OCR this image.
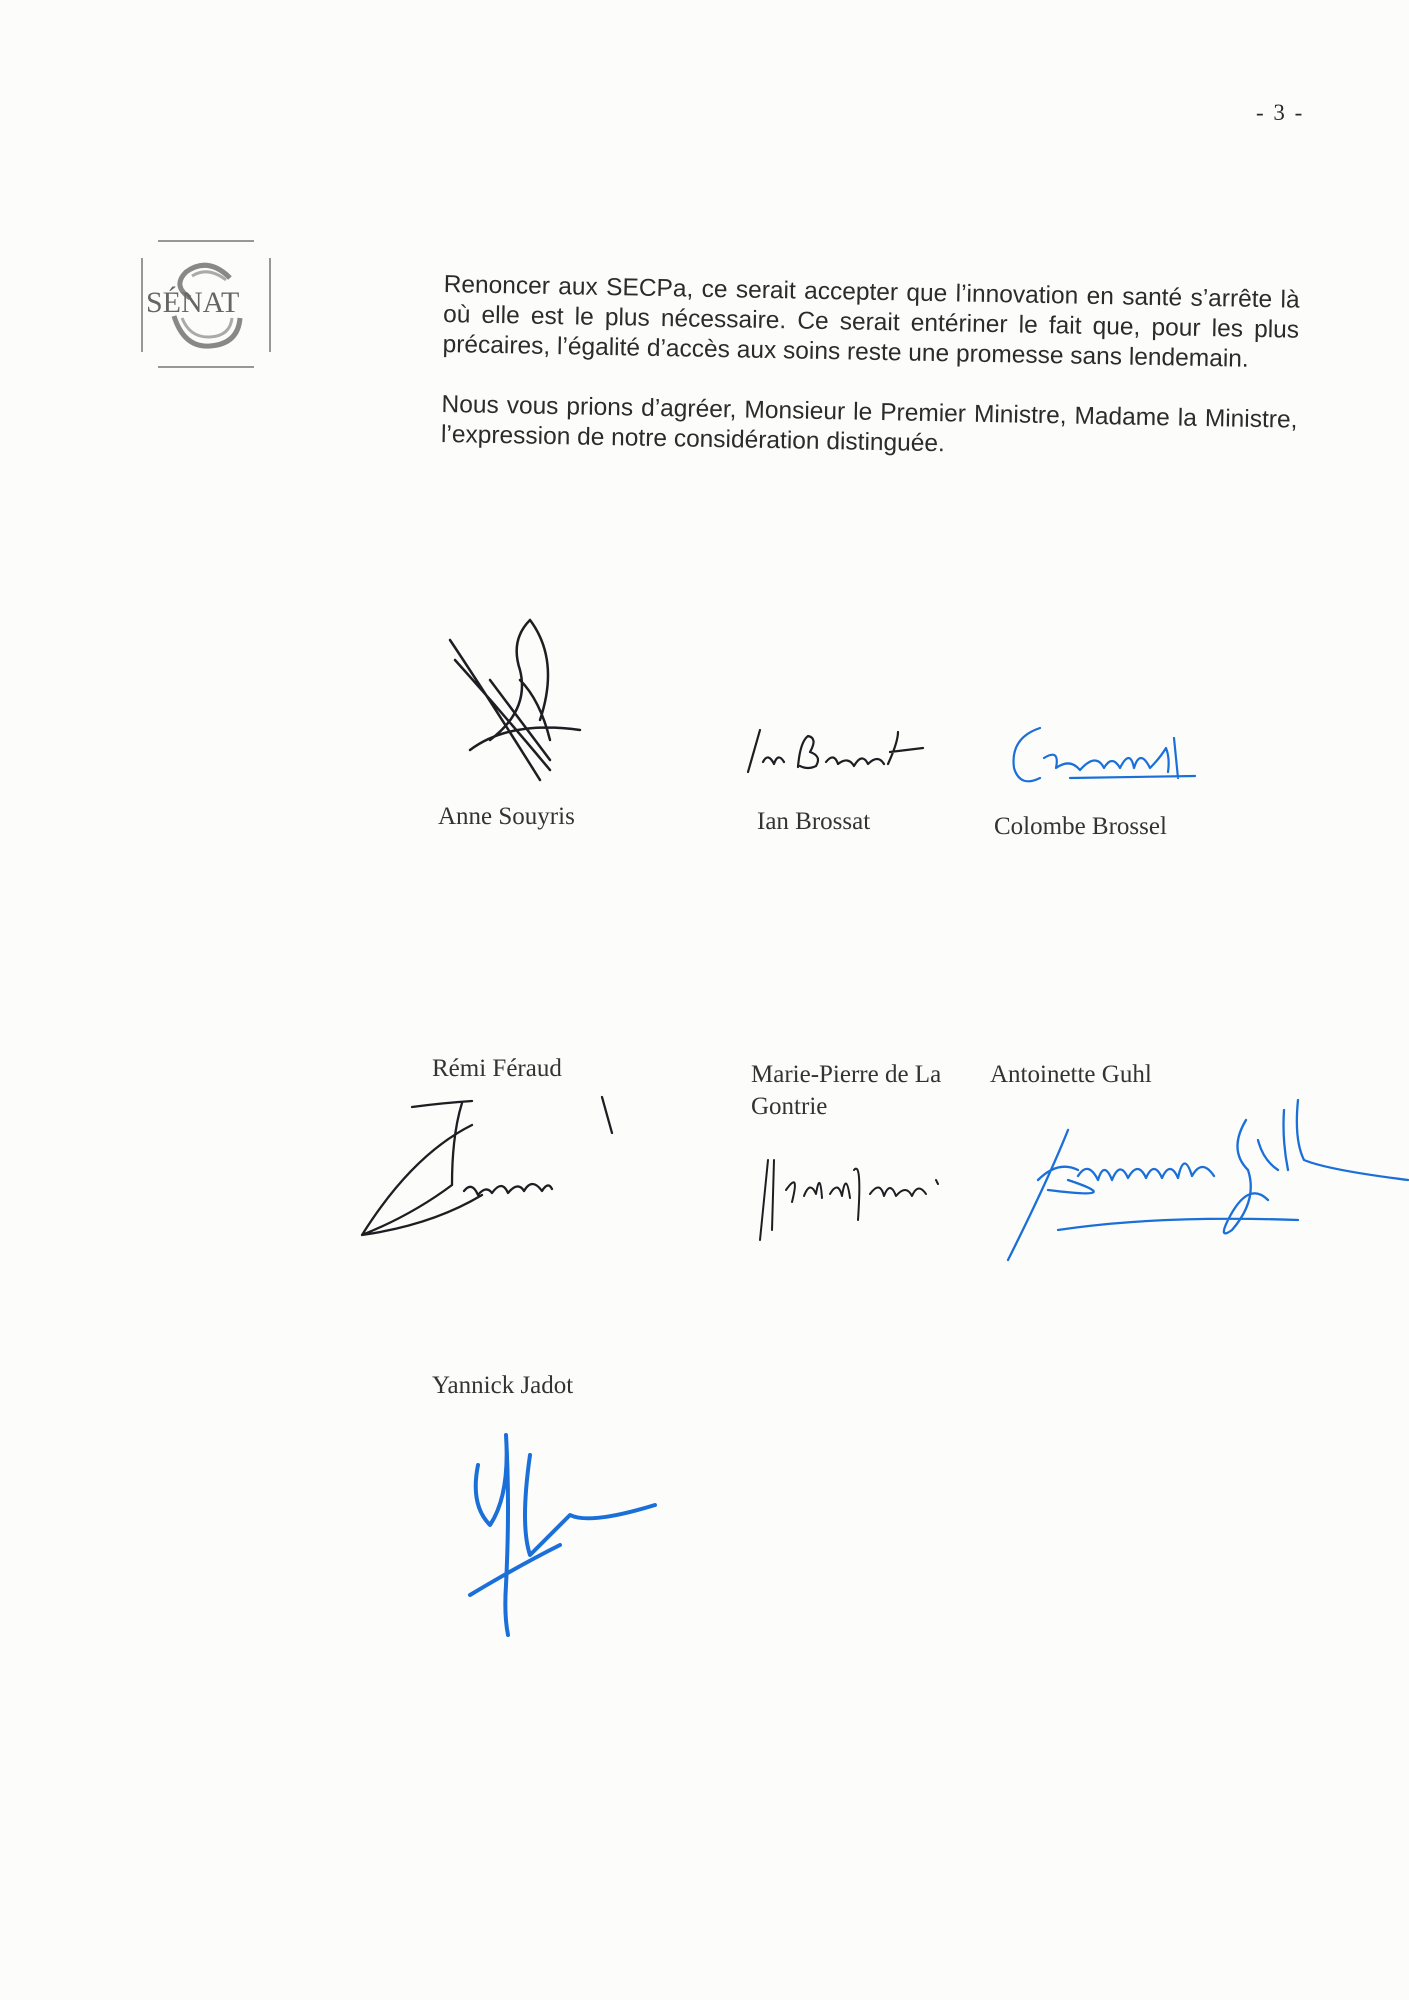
- 3 -
SÉNAT	Renoncer aux SECPa, ce serait accepter que l’innovation en santé s’arrête là où elle est le plus nécessaire. Ce serait entériner le fait que, pour les plus précaires, l’égalité d’accès aux soins reste une promesse sans lendemain.

Nous vous prions d’agréer, Monsieur le Premier Ministre, Madame la Ministre, l’expression de notre considération distinguée.

Anne Souyris	Ian Brossat	Colombe Brossel
Rémi Féraud	Marie-Pierre de La Gontrie
Antoinette Guhl
Yannick Jadot
